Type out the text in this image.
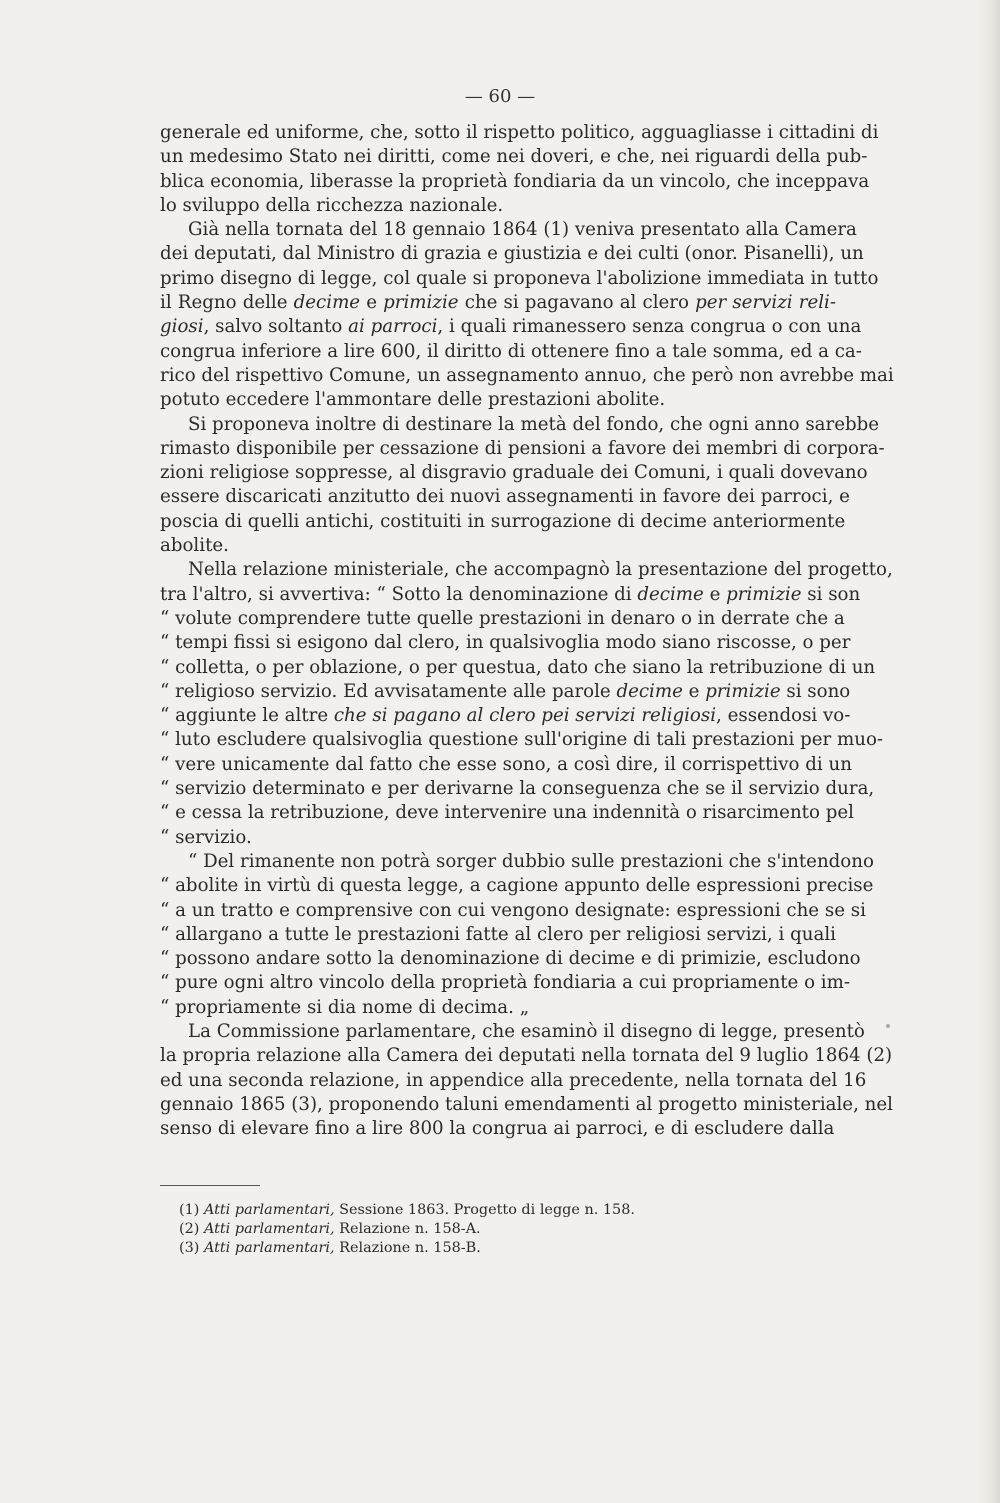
— 60 —
generale ed uniforme, che, sotto il rispetto politico, agguagliasse i cittadini di
un medesimo Stato nei diritti, come nei doveri, e che, nei riguardi della pub-
blica economia, liberasse la proprietà fondiaria da un vincolo, che inceppava
lo sviluppo della ricchezza nazionale.
Già nella tornata del 18 gennaio 1864 (1) veniva presentato alla Camera
dei deputati, dal Ministro di grazia e giustizia e dei culti (onor. Pisanelli), un
primo disegno di legge, col quale si proponeva l'abolizione immediata in tutto
il Regno delle decime e primizie che si pagavano al clero per servizi reli-
giosi, salvo soltanto ai parroci, i quali rimanessero senza congrua o con una
congrua inferiore a lire 600, il diritto di ottenere fino a tale somma, ed a ca-
rico del rispettivo Comune, un assegnamento annuo, che però non avrebbe mai
potuto eccedere l'ammontare delle prestazioni abolite.
Si proponeva inoltre di destinare la metà del fondo, che ogni anno sarebbe
rimasto disponibile per cessazione di pensioni a favore dei membri di corpora-
zioni religiose soppresse, al disgravio graduale dei Comuni, i quali dovevano
essere discaricati anzitutto dei nuovi assegnamenti in favore dei parroci, e
poscia di quelli antichi, costituiti in surrogazione di decime anteriormente
abolite.
Nella relazione ministeriale, che accompagnò la presentazione del progetto,
tra l'altro, si avvertiva: “ Sotto la denominazione di decime e primizie si son
“ volute comprendere tutte quelle prestazioni in denaro o in derrate che a
“ tempi fissi si esigono dal clero, in qualsivoglia modo siano riscosse, o per
“ colletta, o per oblazione, o per questua, dato che siano la retribuzione di un
“ religioso servizio. Ed avvisatamente alle parole decime e primizie si sono
“ aggiunte le altre che si pagano al clero pei servizi religiosi, essendosi vo-
“ luto escludere qualsivoglia questione sull'origine di tali prestazioni per muo-
“ vere unicamente dal fatto che esse sono, a così dire, il corrispettivo di un
“ servizio determinato e per derivarne la conseguenza che se il servizio dura,
“ e cessa la retribuzione, deve intervenire una indennità o risarcimento pel
“ servizio.
“ Del rimanente non potrà sorger dubbio sulle prestazioni che s'intendono
“ abolite in virtù di questa legge, a cagione appunto delle espressioni precise
“ a un tratto e comprensive con cui vengono designate: espressioni che se si
“ allargano a tutte le prestazioni fatte al clero per religiosi servizi, i quali
“ possono andare sotto la denominazione di decime e di primizie, escludono
“ pure ogni altro vincolo della proprietà fondiaria a cui propriamente o im-
“ propriamente si dia nome di decima. „
La Commissione parlamentare, che esaminò il disegno di legge, presentò
la propria relazione alla Camera dei deputati nella tornata del 9 luglio 1864 (2)
ed una seconda relazione, in appendice alla precedente, nella tornata del 16
gennaio 1865 (3), proponendo taluni emendamenti al progetto ministeriale, nel
senso di elevare fino a lire 800 la congrua ai parroci, e di escludere dalla
(1) Atti parlamentari, Sessione 1863. Progetto di legge n. 158.
(2) Atti parlamentari, Relazione n. 158-A.
(3) Atti parlamentari, Relazione n. 158-B.
